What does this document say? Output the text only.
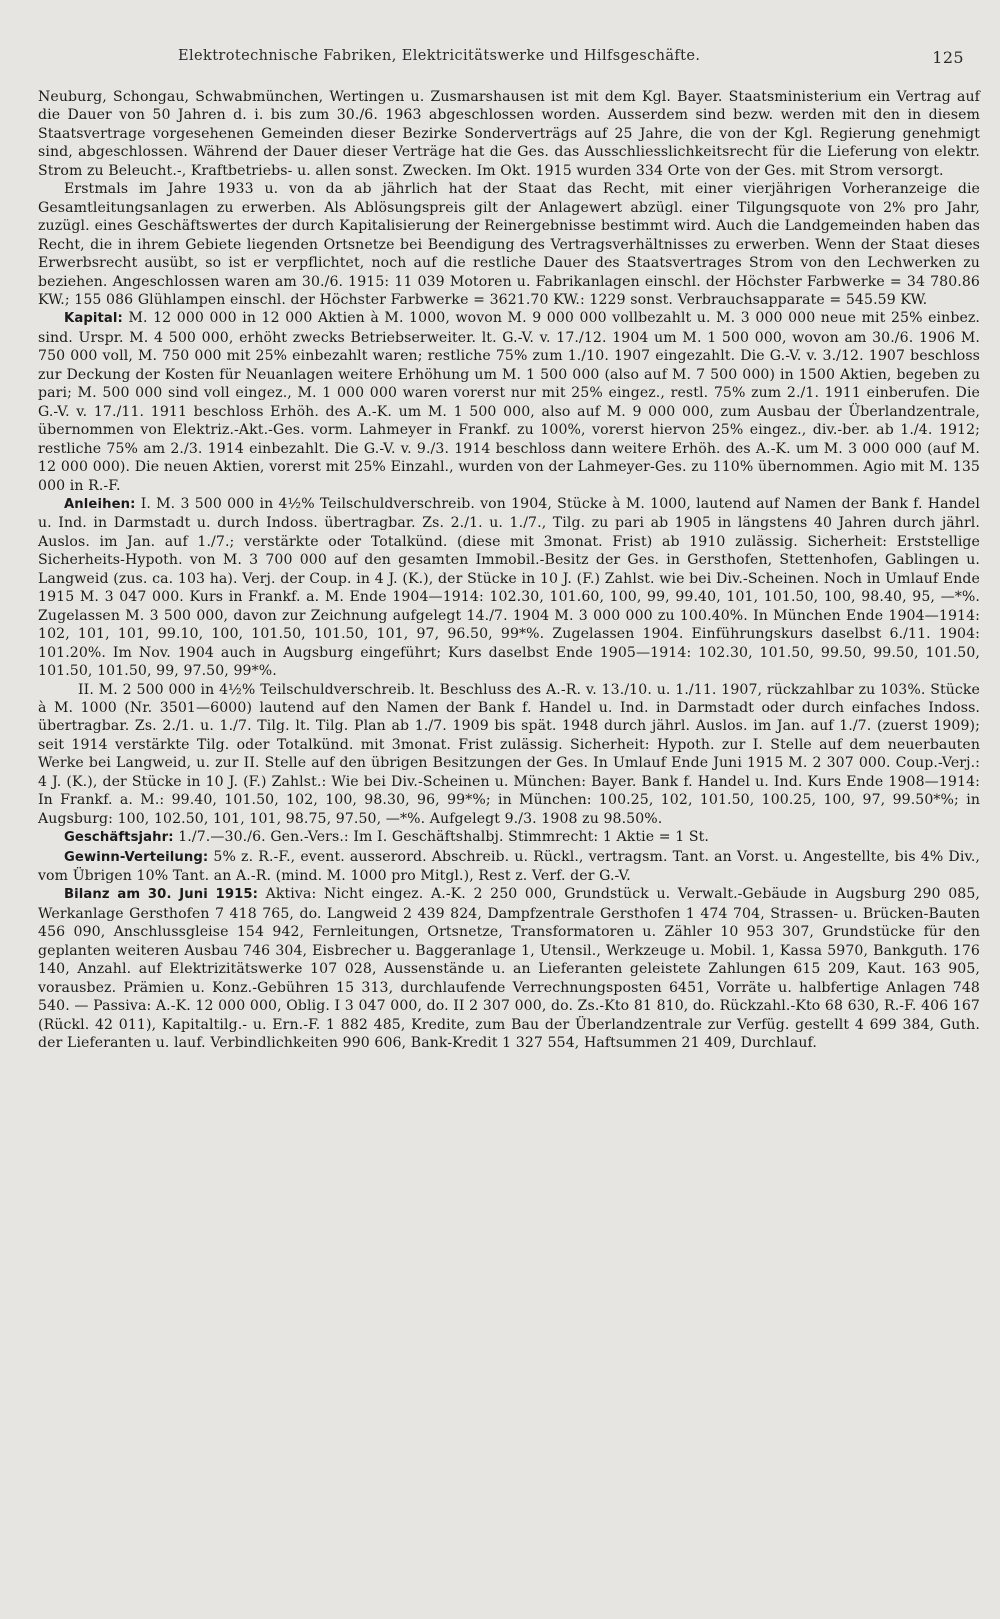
Elektrotechnische Fabriken, Elektricitätswerke und Hilfsgeschäfte.	125

Neuburg, Schongau, Schwabmünchen, Wertingen u. Zusmarshausen ist mit dem Kgl. Bayer. Staatsministerium ein Vertrag auf die Dauer von 50 Jahren d. i. bis zum 30./6. 1963 abgeschlossen worden. Ausserdem sind bezw. werden mit den in diesem Staatsvertrage vorgesehenen Gemeinden dieser Bezirke Sonderverträgs auf 25 Jahre, die von der Kgl. Regierung genehmigt sind, abgeschlossen. Während der Dauer dieser Verträge hat die Ges. das Ausschliesslichkeitsrecht für die Lieferung von elektr. Strom zu Beleucht.-, Kraftbetriebs- u. allen sonst. Zwecken. Im Okt. 1915 wurden 334 Orte von der Ges. mit Strom versorgt.

Erstmals im Jahre 1933 u. von da ab jährlich hat der Staat das Recht, mit einer vierjährigen Vorheranzeige die Gesamtleitungsanlagen zu erwerben. Als Ablösungspreis gilt der Anlagewert abzügl. einer Tilgungsquote von 2% pro Jahr, zuzügl. eines Geschäftswertes der durch Kapitalisierung der Reinergebnisse bestimmt wird. Auch die Landgemeinden haben das Recht, die in ihrem Gebiete liegenden Ortsnetze bei Beendigung des Vertragsverhältnisses zu erwerben. Wenn der Staat dieses Erwerbsrecht ausübt, so ist er verpflichtet, noch auf die restliche Dauer des Staatsvertrages Strom von den Lechwerken zu beziehen. Angeschlossen waren am 30./6. 1915: 11 039 Motoren u. Fabrikanlagen einschl. der Höchster Farbwerke = 34 780.86 KW.; 155 086 Glühlampen einschl. der Höchster Farbwerke = 3621.70 KW.: 1229 sonst. Verbrauchsapparate = 545.59 KW.

Kapital: M. 12 000 000 in 12 000 Aktien à M. 1000, wovon M. 9 000 000 vollbezahlt u. M. 3 000 000 neue mit 25% einbez. sind. Urspr. M. 4 500 000, erhöht zwecks Betriebserweiter. lt. G.-V. v. 17./12. 1904 um M. 1 500 000, wovon am 30./6. 1906 M. 750 000 voll, M. 750 000 mit 25% einbezahlt waren; restliche 75% zum 1./10. 1907 eingezahlt. Die G.-V. v. 3./12. 1907 beschloss zur Deckung der Kosten für Neuanlagen weitere Erhöhung um M. 1 500 000 (also auf M. 7 500 000) in 1500 Aktien, begeben zu pari; M. 500 000 sind voll eingez., M. 1 000 000 waren vorerst nur mit 25% eingez., restl. 75% zum 2./1. 1911 einberufen. Die G.-V. v. 17./11. 1911 beschloss Erhöh. des A.-K. um M. 1 500 000, also auf M. 9 000 000, zum Ausbau der Überlandzentrale, übernommen von Elektriz.-Akt.-Ges. vorm. Lahmeyer in Frankf. zu 100%, vorerst hiervon 25% eingez., div.-ber. ab 1./4. 1912; restliche 75% am 2./3. 1914 einbezahlt. Die G.-V. v. 9./3. 1914 beschloss dann weitere Erhöh. des A.-K. um M. 3 000 000 (auf M. 12 000 000). Die neuen Aktien, vorerst mit 25% Einzahl., wurden von der Lahmeyer-Ges. zu 110% übernommen. Agio mit M. 135 000 in R.-F.

Anleihen: I. M. 3 500 000 in 4½% Teilschuldverschreib. von 1904, Stücke à M. 1000, lautend auf Namen der Bank f. Handel u. Ind. in Darmstadt u. durch Indoss. übertragbar. Zs. 2./1. u. 1./7., Tilg. zu pari ab 1905 in längstens 40 Jahren durch jährl. Auslos. im Jan. auf 1./7.; verstärkte oder Totalkünd. (diese mit 3monat. Frist) ab 1910 zulässig. Sicherheit: Erststellige Sicherheits-Hypoth. von M. 3 700 000 auf den gesamten Immobil.-Besitz der Ges. in Gersthofen, Stettenhofen, Gablingen u. Langweid (zus. ca. 103 ha). Verj. der Coup. in 4 J. (K.), der Stücke in 10 J. (F.) Zahlst. wie bei Div.-Scheinen. Noch in Umlauf Ende 1915 M. 3 047 000. Kurs in Frankf. a. M. Ende 1904—1914: 102.30, 101.60, 100, 99, 99.40, 101, 101.50, 100, 98.40, 95, —*%. Zugelassen M. 3 500 000, davon zur Zeichnung aufgelegt 14./7. 1904 M. 3 000 000 zu 100.40%. In München Ende 1904—1914: 102, 101, 101, 99.10, 100, 101.50, 101.50, 101, 97, 96.50, 99*%. Zugelassen 1904. Einführungskurs daselbst 6./11. 1904: 101.20%. Im Nov. 1904 auch in Augsburg eingeführt; Kurs daselbst Ende 1905—1914: 102.30, 101.50, 99.50, 99.50, 101.50, 101.50, 101.50, 99, 97.50, 99*%.

II. M. 2 500 000 in 4½% Teilschuldverschreib. lt. Beschluss des A.-R. v. 13./10. u. 1./11. 1907, rückzahlbar zu 103%. Stücke à M. 1000 (Nr. 3501—6000) lautend auf den Namen der Bank f. Handel u. Ind. in Darmstadt oder durch einfaches Indoss. übertragbar. Zs. 2./1. u. 1./7. Tilg. lt. Tilg. Plan ab 1./7. 1909 bis spät. 1948 durch jährl. Auslos. im Jan. auf 1./7. (zuerst 1909); seit 1914 verstärkte Tilg. oder Totalkünd. mit 3monat. Frist zulässig. Sicherheit: Hypoth. zur I. Stelle auf dem neuerbauten Werke bei Langweid, u. zur II. Stelle auf den übrigen Besitzungen der Ges. In Umlauf Ende Juni 1915 M. 2 307 000. Coup.-Verj.: 4 J. (K.), der Stücke in 10 J. (F.) Zahlst.: Wie bei Div.-Scheinen u. München: Bayer. Bank f. Handel u. Ind. Kurs Ende 1908—1914: In Frankf. a. M.: 99.40, 101.50, 102, 100, 98.30, 96, 99*%; in München: 100.25, 102, 101.50, 100.25, 100, 97, 99.50*%; in Augsburg: 100, 102.50, 101, 101, 98.75, 97.50, —*%. Aufgelegt 9./3. 1908 zu 98.50%.

Geschäftsjahr: 1./7.—30./6. Gen.-Vers.: Im I. Geschäftshalbj. Stimmrecht: 1 Aktie = 1 St.

Gewinn-Verteilung: 5% z. R.-F., event. ausserord. Abschreib. u. Rückl., vertragsm. Tant. an Vorst. u. Angestellte, bis 4% Div., vom Übrigen 10% Tant. an A.-R. (mind. M. 1000 pro Mitgl.), Rest z. Verf. der G.-V.

Bilanz am 30. Juni 1915: Aktiva: Nicht eingez. A.-K. 2 250 000, Grundstück u. Verwalt.-Gebäude in Augsburg 290 085, Werkanlage Gersthofen 7 418 765, do. Langweid 2 439 824, Dampfzentrale Gersthofen 1 474 704, Strassen- u. Brücken-Bauten 456 090, Anschlussgleise 154 942, Fernleitungen, Ortsnetze, Transformatoren u. Zähler 10 953 307, Grundstücke für den geplanten weiteren Ausbau 746 304, Eisbrecher u. Baggeranlage 1, Utensil., Werkzeuge u. Mobil. 1, Kassa 5970, Bankguth. 176 140, Anzahl. auf Elektrizitätswerke 107 028, Aussenstände u. an Lieferanten geleistete Zahlungen 615 209, Kaut. 163 905, vorausbez. Prämien u. Konz.-Gebühren 15 313, durchlaufende Verrechnungsposten 6451, Vorräte u. halbfertige Anlagen 748 540. — Passiva: A.-K. 12 000 000, Oblig. I 3 047 000, do. II 2 307 000, do. Zs.-Kto 81 810, do. Rückzahl.-Kto 68 630, R.-F. 406 167 (Rückl. 42 011), Kapitaltilg.- u. Ern.-F. 1 882 485, Kredite, zum Bau der Überlandzentrale zur Verfüg. gestellt 4 699 384, Guth. der Lieferanten u. lauf. Verbindlichkeiten 990 606, Bank-Kredit 1 327 554, Haftsummen 21 409, Durchlauf.
